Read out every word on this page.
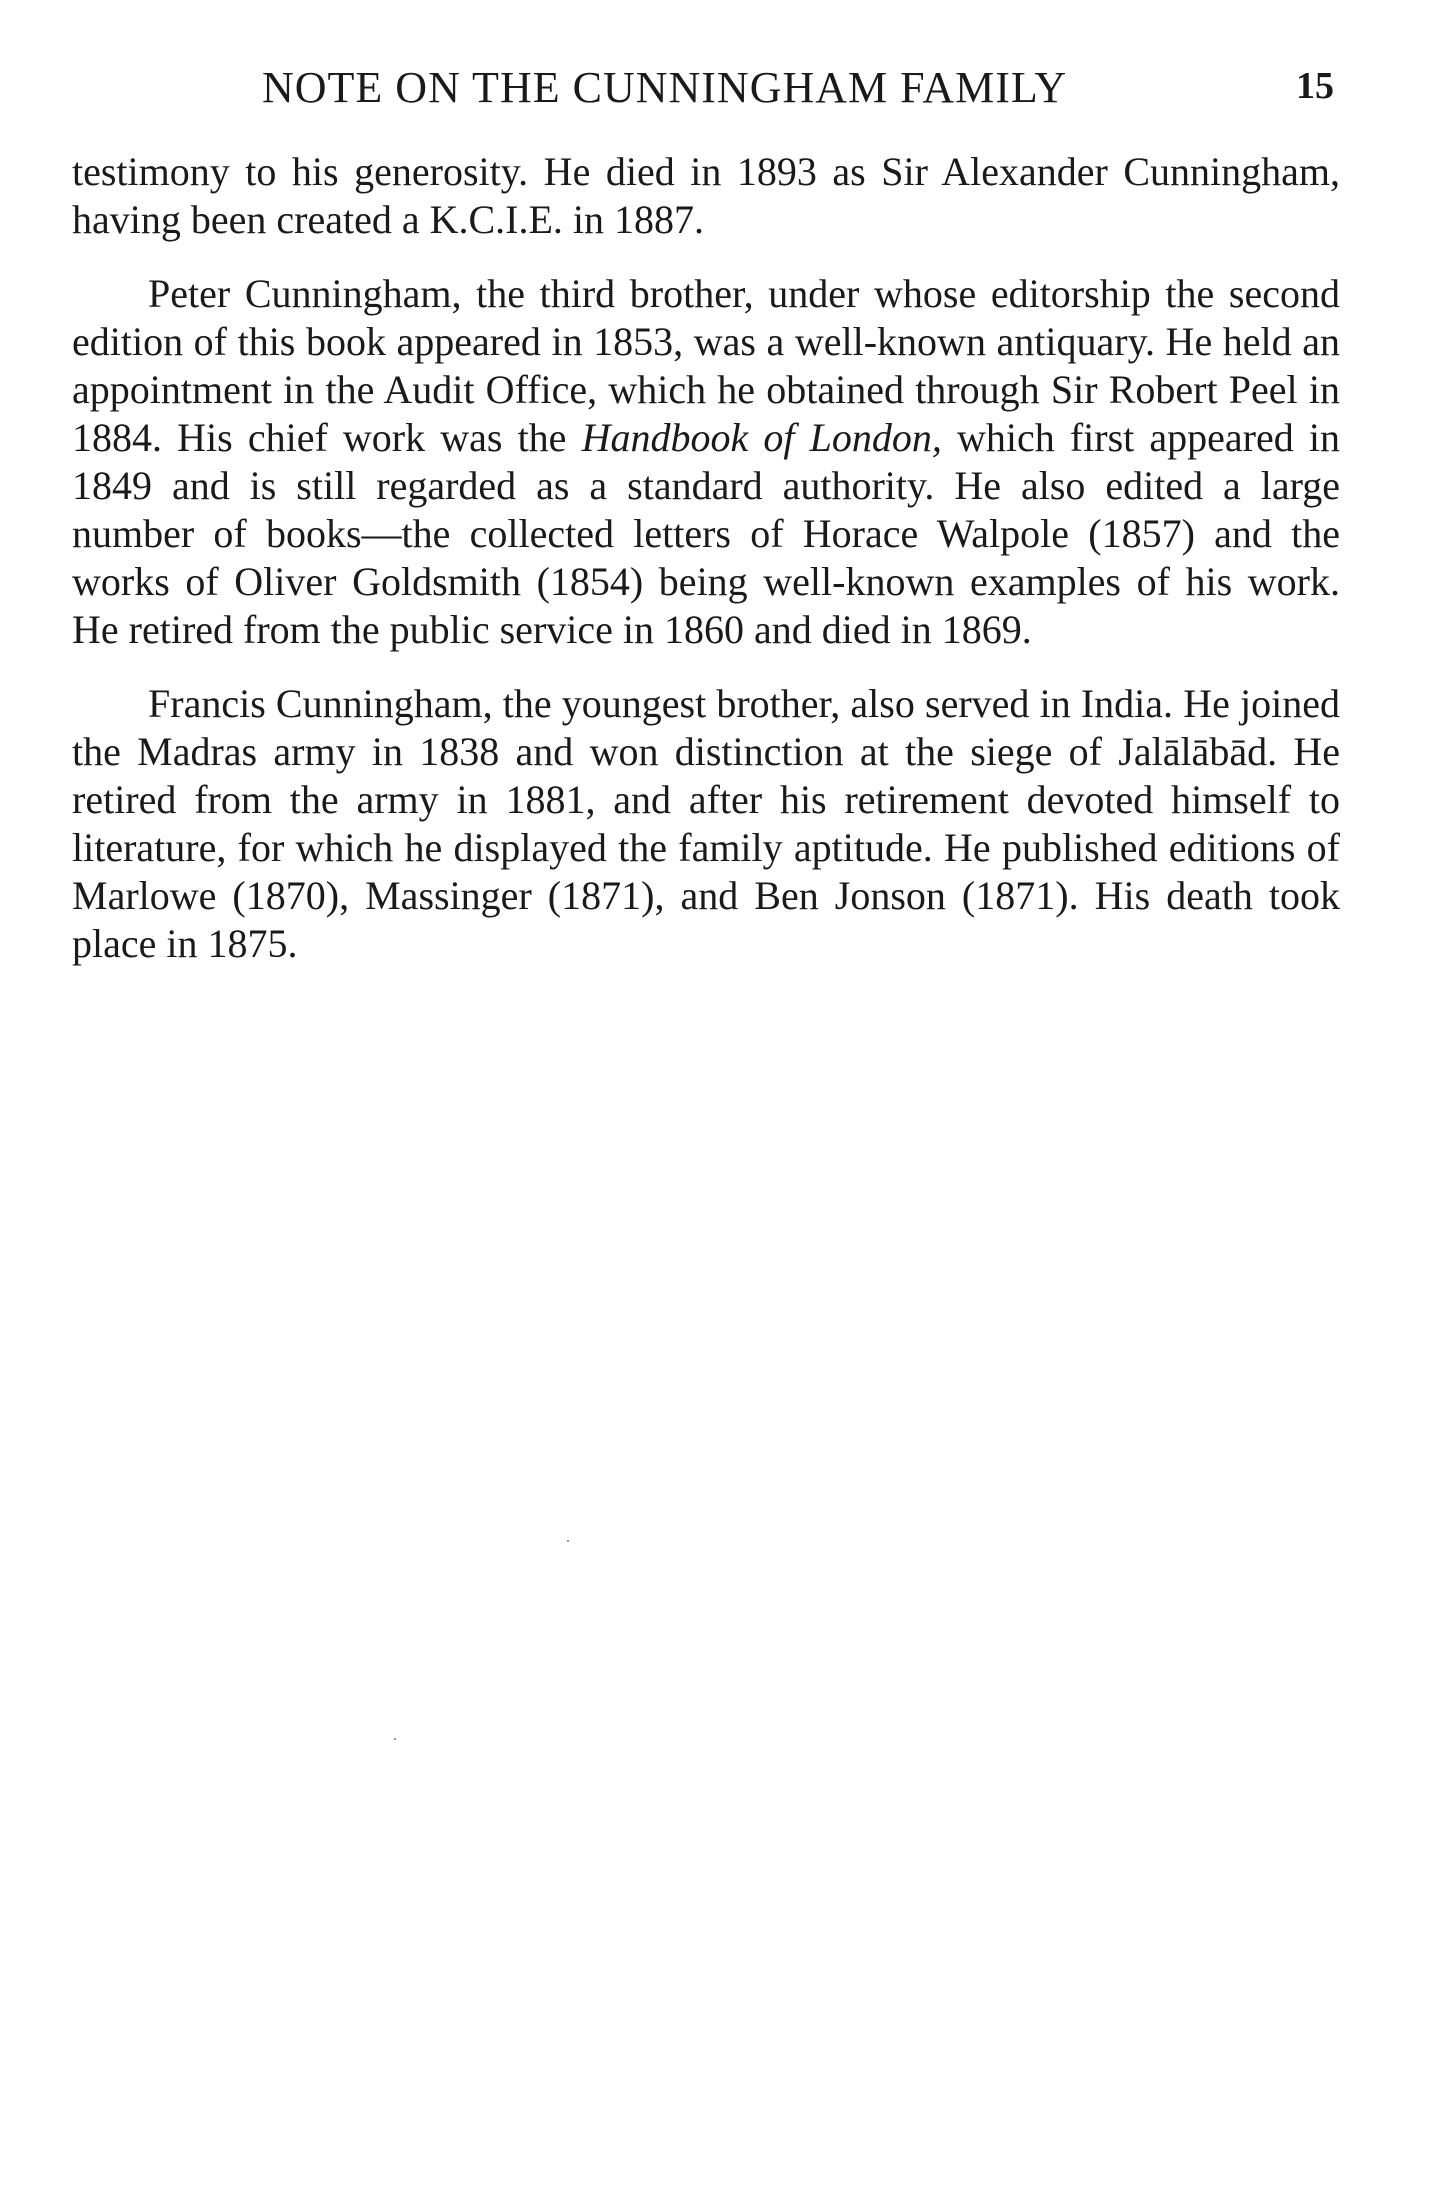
NOTE ON THE CUNNINGHAM FAMILY	15

testimony to his generosity. He died in 1893 as Sir Alexander Cunningham, having been created a K.C.I.E. in 1887.

Peter Cunningham, the third brother, under whose editorship the second edition of this book appeared in 1853, was a well-known antiquary. He held an appointment in the Audit Office, which he obtained through Sir Robert Peel in 1884. His chief work was the Handbook of London, which first appeared in 1849 and is still regarded as a standard authority. He also edited a large number of books—the collected letters of Horace Walpole (1857) and the works of Oliver Goldsmith (1854) being well-known examples of his work. He retired from the public service in 1860 and died in 1869.

Francis Cunningham, the youngest brother, also served in India. He joined the Madras army in 1838 and won distinction at the siege of Jalālābād. He retired from the army in 1881, and after his retirement devoted himself to literature, for which he displayed the family aptitude. He published editions of Marlowe (1870), Massinger (1871), and Ben Jonson (1871). His death took place in 1875.
